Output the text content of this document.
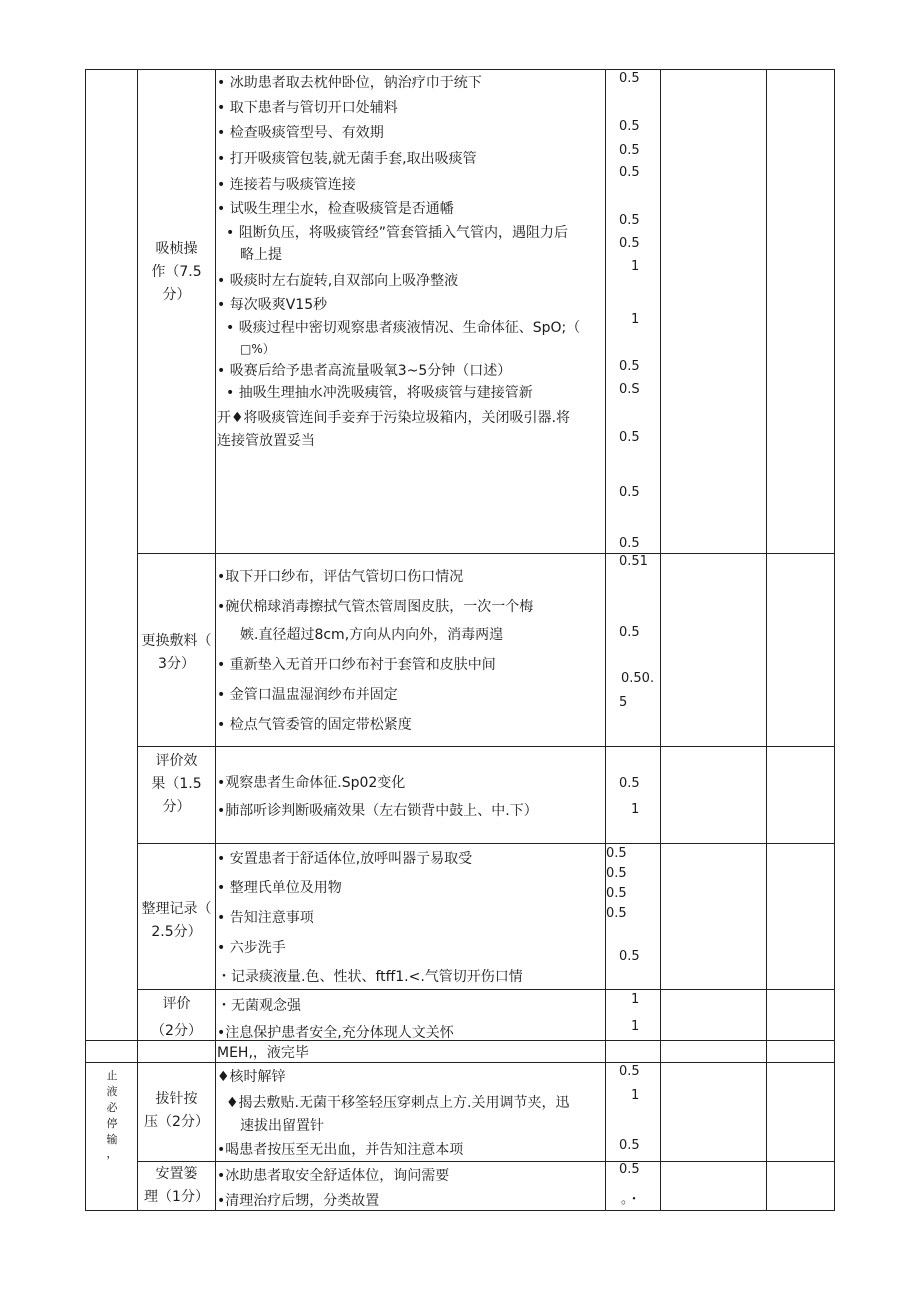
止
液
必
停
输
，
吸桢操
作（7.5
分）
• 冰助患者取去枕仲卧位，钠治疗巾于统下
• 取下患者与管切开口处辅料
• 检查吸痰管型号、有效期
• 打开吸痰管包装,就无菌手套,取出吸痰管
• 连接若与吸痰管连接
• 试吸生理尘水，检查吸痰管是否通幡
• 阻断负压，将吸痰管经”管套管插入气管内，遇阻力后
略上提
• 吸痰时左右旋转,自双部向上吸净整液
• 每次吸爽V15秒
• 吸痰过程中密切观察患者痰液情况、生命体征、SpO;（
□%）
• 吸赛后给予患者高流量吸氧3~5分钟（口述）
• 抽吸生理抽水冲洗吸痍管，将吸痰管与建接管新
开♦将吸痰管连间手妾弃于污染垃圾箱内，关闭吸引器.将
连接管放置妥当
0.5
0.5
0.5
0.5
0.5
0.5
1
1
0.5
0.S
0.5
0.5
0.5
更换敷料（
3分）
•取下开口纱布，评估气管切口伤口情况
•碗伏棉球消毒擦拭气管杰管周图皮肤，一次一个梅
嫉.直径超过8cm,方向从内向外，消毒两遑
• 重新垫入无首开口纱布衬于套管和皮肤中间
• 金管口温盅湿润纱布并固定
• 检点气管委管的固定带松紧度
0.51
0.5
0.50.
5
评价效
果（1.5
分）
•观察患者生命体征.Sp02变化
•肺部听诊判断吸痛效果（左右锁背中鼓上、中.下）
0.5
1
整理记录（
2.5分）
• 安置患者于舒适体位,放呼叫器亍易取受
• 整理氏单位及用物
• 告知注意事项
• 六步洗手
・记录痰液量.色、性状、ftff1.<.气管切开伤口情
0.5
0.5
0.5
0.5
0.5
评价
（2分）
・无菌观念强
•注息保护患者安全,充分体现人文关怀
1
1
MEH,，液完毕
拔针按
压（2分）
♦核时解锌
♦揭去敷贴.无菌干移筌轻压穿刺点上方.关用调节夹，迅
速拔出留置针
•喝患者按压至无出血，并告知注意本项
0.5
1
0.5
安置篓
理（1分）
•冰助患者取安全舒适体位，询问需要
•清理治疗后甥，分类故置
0.5
。・
